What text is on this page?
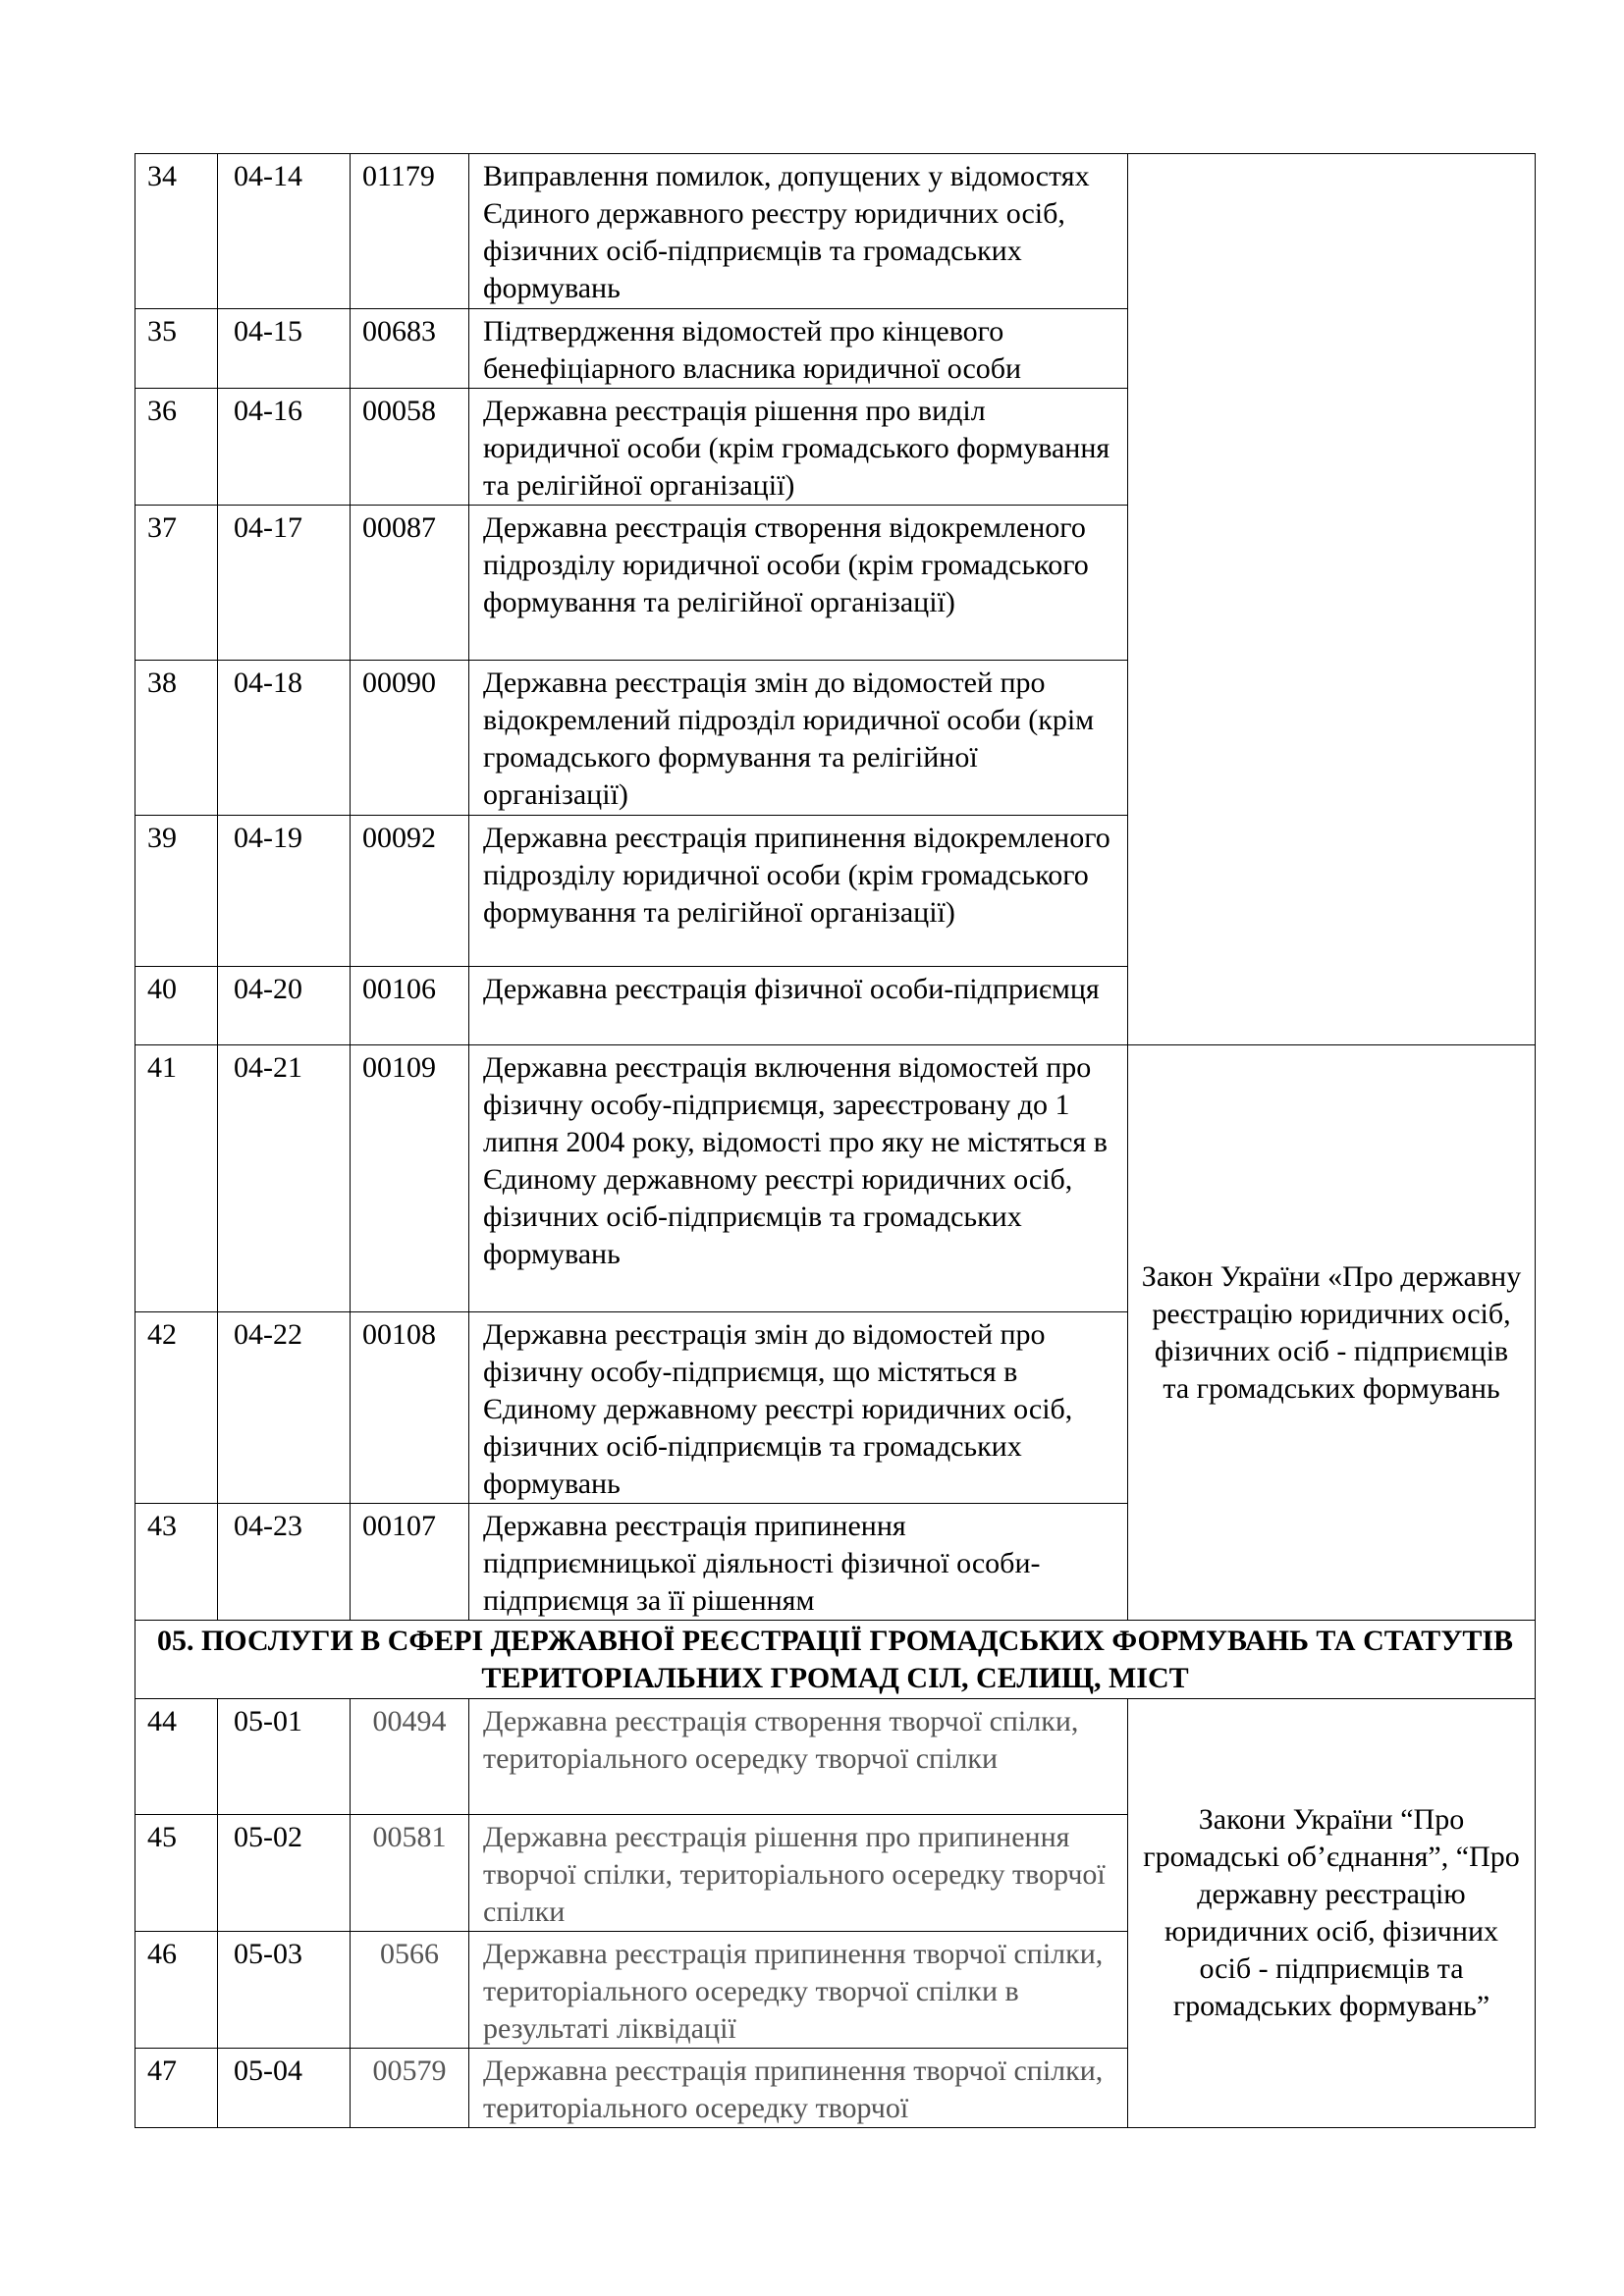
34	04-14	01179	Виправлення помилок, допущених у відомостях Єдиного державного реєстру юридичних осіб, фізичних осіб-підприємців та громадських формувань	
35	04-15	00683	Підтвердження відомостей про кінцевого бенефіціарного власника юридичної особи	
36	04-16	00058	Державна реєстрація рішення про виділ юридичної особи (крім громадського формування та релігійної організації)	
37	04-17	00087	Державна реєстрація створення відокремленого підрозділу юридичної особи (крім громадського формування та релігійної організації)	
38	04-18	00090	Державна реєстрація змін до відомостей про відокремлений підрозділ юридичної особи (крім громадського формування та релігійної організації)	
39	04-19	00092	Державна реєстрація припинення відокремленого підрозділу юридичної особи (крім громадського формування та релігійної організації)	
40	04-20	00106	Державна реєстрація фізичної особи-підприємця	
41	04-21	00109	Державна реєстрація включення відомостей про фізичну особу-підприємця, зареєстровану до 1 липня 2004 року, відомості про яку не містяться в Єдиному державному реєстрі юридичних осіб, фізичних осіб-підприємців та громадських формувань	Закон України «Про державну реєстрацію юридичних осіб, фізичних осіб - підприємців та громадських формувань
42	04-22	00108	Державна реєстрація змін до відомостей про фізичну особу-підприємця, що містяться в Єдиному державному реєстрі юридичних осіб, фізичних осіб-підприємців та громадських формувань	
43	04-23	00107	Державна реєстрація припинення підприємницької діяльності фізичної особи-підприємця за її рішенням	
05. ПОСЛУГИ В СФЕРІ ДЕРЖАВНОЇ РЕЄСТРАЦІЇ ГРОМАДСЬКИХ ФОРМУВАНЬ ТА СТАТУТІВ ТЕРИТОРІАЛЬНИХ ГРОМАД СІЛ, СЕЛИЩ, МІСТ				
44	05-01	00494	Державна реєстрація створення творчої спілки, територіального осередку творчої спілки	Закони України “Про громадські об’єднання”, “Про державну реєстрацію юридичних осіб, фізичних осіб - підприємців та громадських формувань”
45	05-02	00581	Державна реєстрація рішення про припинення творчої спілки, територіального осередку творчої спілки	
46	05-03	0566	Державна реєстрація припинення творчої спілки, територіального осередку творчої спілки в результаті ліквідації	
47	05-04	00579	Державна реєстрація припинення творчої спілки, територіального осередку творчої	
